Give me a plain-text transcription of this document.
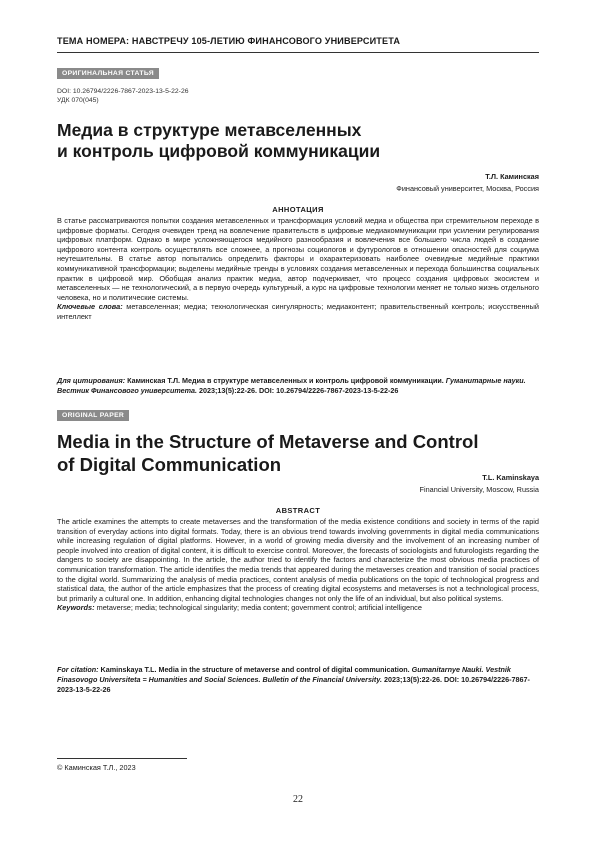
ТЕМА НОМЕРА: НАВСТРЕЧУ 105-ЛЕТИЮ ФИНАНСОВОГО УНИВЕРСИТЕТА
ОРИГИНАЛЬНАЯ СТАТЬЯ
DOI: 10.26794/2226-7867-2023-13-5-22-26
УДК 070(045)
Медиа в структуре метавселенных
и контроль цифровой коммуникации
Т.Л. Каминская
Финансовый университет, Москва, Россия
АННОТАЦИЯ
В статье рассматриваются попытки создания метавселенных и трансформация условий медиа и общества при стремительном переходе в цифровые форматы. Сегодня очевиден тренд на вовлечение правительств в цифровые медиакоммуникации при усилении регулирования цифровых платформ. Однако в мире усложняющегося медийного разнообразия и вовлечения все большего числа людей в создание цифрового контента контроль осуществлять все сложнее, а прогнозы социологов и футурологов в отношении опасностей для социума неутешительны. В статье автор попытались определить факторы и охарактеризовать наиболее очевидные медийные практики коммуникативной трансформации; выделены медийные тренды в условиях создания метавселенных и перехода большинства социальных практик в цифровой мир. Обобщая анализ практик медиа, автор подчеркивает, что процесс создания цифровых экосистем и метавселенных — не технологический, а в первую очередь культурный, а курс на цифровые технологии меняет не только жизнь отдельного человека, но и политические системы.
Ключевые слова: метавселенная; медиа; технологическая сингулярность; медиаконтент; правительственный контроль; искусственный интеллект
Для цитирования: Каминская Т.Л. Медиа в структуре метавселенных и контроль цифровой коммуникации. Гуманитарные науки. Вестник Финансового университета. 2023;13(5):22-26. DOI: 10.26794/2226-7867-2023-13-5-22-26
ORIGINAL PAPER
Media in the Structure of Metaverse and Control
of Digital Communication
T.L. Kaminskaya
Financial University, Moscow, Russia
ABSTRACT
The article examines the attempts to create metaverses and the transformation of the media existence conditions and society in terms of the rapid transition of everyday actions into digital formats. Today, there is an obvious trend towards involving governments in digital media communications while increasing regulation of digital platforms. However, in a world of growing media diversity and the involvement of an increasing number of people involved into creation of digital content, it is difficult to exercise control. Moreover, the forecasts of sociologists and futurologists regarding the dangers to society are disappointing. In the article, the author tried to identify the factors and characterize the most obvious media practices of communication transformation. The article identifies the media trends that appeared during the metaverses creation and transition of social practices to the digital world. Summarizing the analysis of media practices, content analysis of media publications on the topic of technological progress and statistical data, the author of the article emphasizes that the process of creating digital ecosystems and metaverses is not a technological process, but primarily a cultural one. In addition, enhancing digital technologies changes not only the life of an individual, but also political systems.
Keywords: metaverse; media; technological singularity; media content; government control; artificial intelligence
For citation: Kaminskaya T.L. Media in the structure of metaverse and control of digital communication. Gumanitarnye Nauki. Vestnik Finasovogo Universiteta = Humanities and Social Sciences. Bulletin of the Financial University. 2023;13(5):22-26. DOI: 10.26794/2226-7867-2023-13-5-22-26
© Каминская Т.Л., 2023
22
